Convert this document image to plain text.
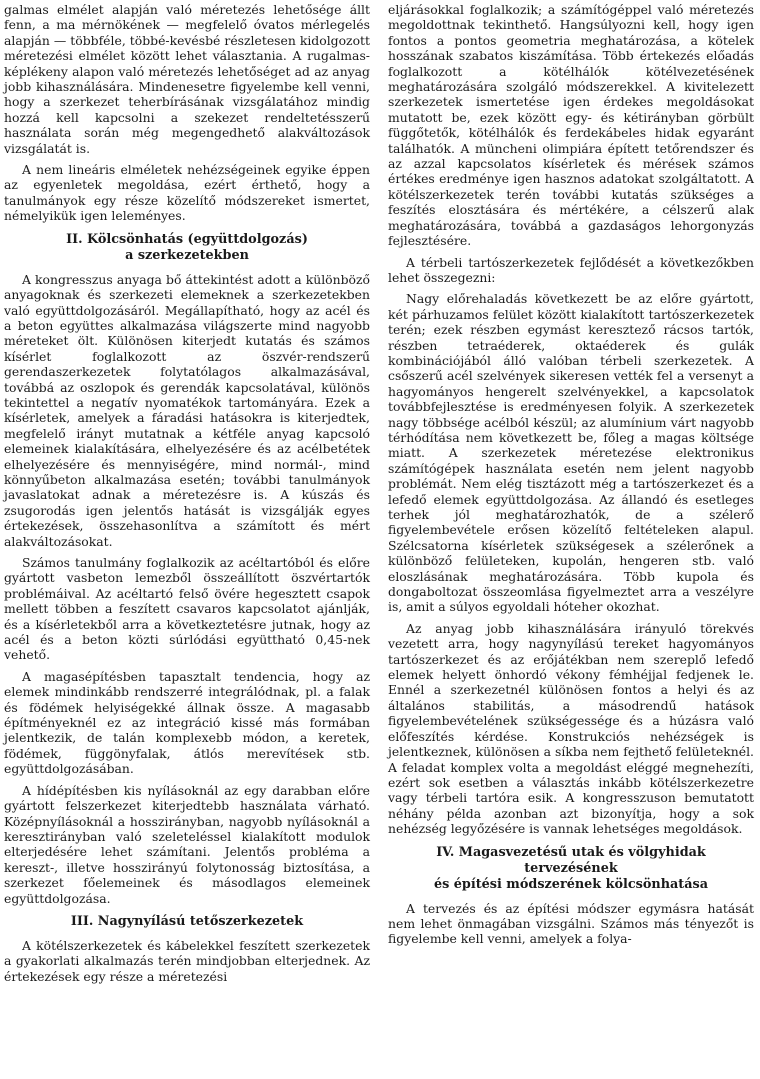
galmas elmélet alapján való méretezés lehetősége állt fenn, a ma mérnökének — megfelelő óvatos mérlegelés alapján — többféle, többé-kevésbé részletesen kidolgozott méretezési elmélet között lehet választania. A rugalmas-képlékeny alapon való méretezés lehetőséget ad az anyag jobb kihasználására. Mindenesetre figyelembe kell venni, hogy a szerkezet teherbírásának vizsgálatához mindig hozzá kell kapcsolni a szekezet rendeltetésszerű használata során még megengedhető alakváltozások vizsgálatát is.

A nem lineáris elméletek nehézségeinek egyike éppen az egyenletek megoldása, ezért érthető, hogy a tanulmányok egy része közelítő módszereket ismertet, némelyikük igen leleményes.

II. Kölcsönhatás (együttdolgozás)
a szerkezetekben

A kongresszus anyaga bő áttekintést adott a különböző anyagoknak és szerkezeti elemeknek a szerkezetekben való együttdolgozásáról. Megállapítható, hogy az acél és a beton együttes alkalmazása világszerte mind nagyobb méreteket ölt. Különösen kiterjedt kutatás és számos kísérlet foglalkozott az öszvér-rendszerű gerendaszerkezetek folytatólagos alkalmazásával, továbbá az oszlopok és gerendák kapcsolatával, különös tekintettel a negatív nyomatékok tartományára. Ezek a kísérletek, amelyek a fáradási hatásokra is kiterjedtek, megfelelő irányt mutatnak a kétféle anyag kapcsoló elemeinek kialakítására, elhelyezésére és az acélbetétek elhelyezésére és mennyiségére, mind normál-, mind könnyűbeton alkalmazása esetén; további tanulmányok javaslatokat adnak a méretezésre is. A kúszás és zsugorodás igen jelentős hatását is vizsgálják egyes értekezések, összehasonlítva a számított és mért alakváltozásokat.

Számos tanulmány foglalkozik az acéltartóból és előre gyártott vasbeton lemezből összeállított öszvértartók problémáival. Az acéltartó felső övére hegesztett csapok mellett többen a feszített csavaros kapcsolatot ajánlják, és a kísérletekből arra a következtetésre jutnak, hogy az acél és a beton közti súrlódási együttható 0,45-nek vehető.

A magasépítésben tapasztalt tendencia, hogy az elemek mindinkább rendszerré integrálódnak, pl. a falak és födémek helyiségekké állnak össze. A magasabb építményeknél ez az integráció kissé más formában jelentkezik, de talán komplexebb módon, a keretek, födémek, függönyfalak, átlós merevítések stb. együttdolgozásában.

A hídépítésben kis nyílásoknál az egy darabban előre gyártott felszerkezet kiterjedtebb használata várható. Középnyílásoknál a hosszirányban, nagyobb nyílásoknál a keresztirányban való szeleteléssel kialakított modulok elterjedésére lehet számítani. Jelentős probléma a kereszt-, illetve hosszirányú folytonosság biztosítása, a szerkezet főelemeinek és másodlagos elemeinek együttdolgozása.

III. Nagynyílású tetőszerkezetek

A kötélszerkezetek és kábelekkel feszített szerkezetek a gyakorlati alkalmazás terén mindjobban elterjednek. Az értekezések egy része a méretezési

eljárásokkal foglalkozik; a számítógéppel való méretezés megoldottnak tekinthető. Hangsúlyozni kell, hogy igen fontos a pontos geometria meghatározása, a kötelek hosszának szabatos kiszámítása. Több értekezés előadás foglalkozott a kötélhálók kötélvezetésének meghatározására szolgáló módszerekkel. A kivitelezett szerkezetek ismertetése igen érdekes megoldásokat mutatott be, ezek között egy- és kétirányban görbült függőtetők, kötélhálók és ferdekábeles hidak egyaránt találhatók. A müncheni olimpiára épített tetőrendszer és az azzal kapcsolatos kísérletek és mérések számos értékes eredménye igen hasznos adatokat szolgáltatott. A kötélszerkezetek terén további kutatás szükséges a feszítés elosztására és mértékére, a célszerű alak meghatározására, továbbá a gazdaságos lehorgonyzás fejlesztésére.

A térbeli tartószerkezetek fejlődését a következőkben lehet összegezni:

Nagy előrehaladás következett be az előre gyártott, két párhuzamos felület között kialakított tartószerkezetek terén; ezek részben egymást keresztező rácsos tartók, részben tetraéderek, oktaéderek és gulák kombinációjából álló valóban térbeli szerkezetek. A csőszerű acél szelvények sikeresen vették fel a versenyt a hagyományos hengerelt szelvényekkel, a kapcsolatok továbbfejlesztése is eredményesen folyik. A szerkezetek nagy többsége acélból készül; az alumínium várt nagyobb térhódítása nem következett be, főleg a magas költsége miatt. A szerkezetek méretezése elektronikus számítógépek használata esetén nem jelent nagyobb problémát. Nem elég tisztázott még a tartószerkezet és a lefedő elemek együttdolgozása. Az állandó és esetleges terhek jól meghatározhatók, de a szélerő figyelembevétele erősen közelítő feltételeken alapul. Szélcsatorna kísérletek szükségesek a szélerőnek a különböző felületeken, kupolán, hengeren stb. való eloszlásának meghatározására. Több kupola és dongaboltozat összeomlása figyelmeztet arra a veszélyre is, amit a súlyos egyoldali hóteher okozhat.

Az anyag jobb kihasználására irányuló törekvés vezetett arra, hogy nagynyílású tereket hagyományos tartószerkezet és az erőjátékban nem szereplő lefedő elemek helyett önhordó vékony fémhéjjal fedjenek le. Ennél a szerkezetnél különösen fontos a helyi és az általános stabilitás, a másodrendű hatások figyelembevételének szükségessége és a húzásra való előfeszítés kérdése. Konstrukciós nehézségek is jelentkeznek, különösen a síkba nem fejthető felületeknél. A feladat komplex volta a megoldást eléggé megnehezíti, ezért sok esetben a választás inkább kötélszerkezetre vagy térbeli tartóra esik. A kongresszuson bemutatott néhány példa azonban azt bizonyítja, hogy a sok nehézség legyőzésére is vannak lehetséges megoldások.

IV. Magasvezetésű utak és völgyhidak tervezésének
és építési módszerének kölcsönhatása

A tervezés és az építési módszer egymásra hatását nem lehet önmagában vizsgálni. Számos más tényezőt is figyelembe kell venni, amelyek a folya-
